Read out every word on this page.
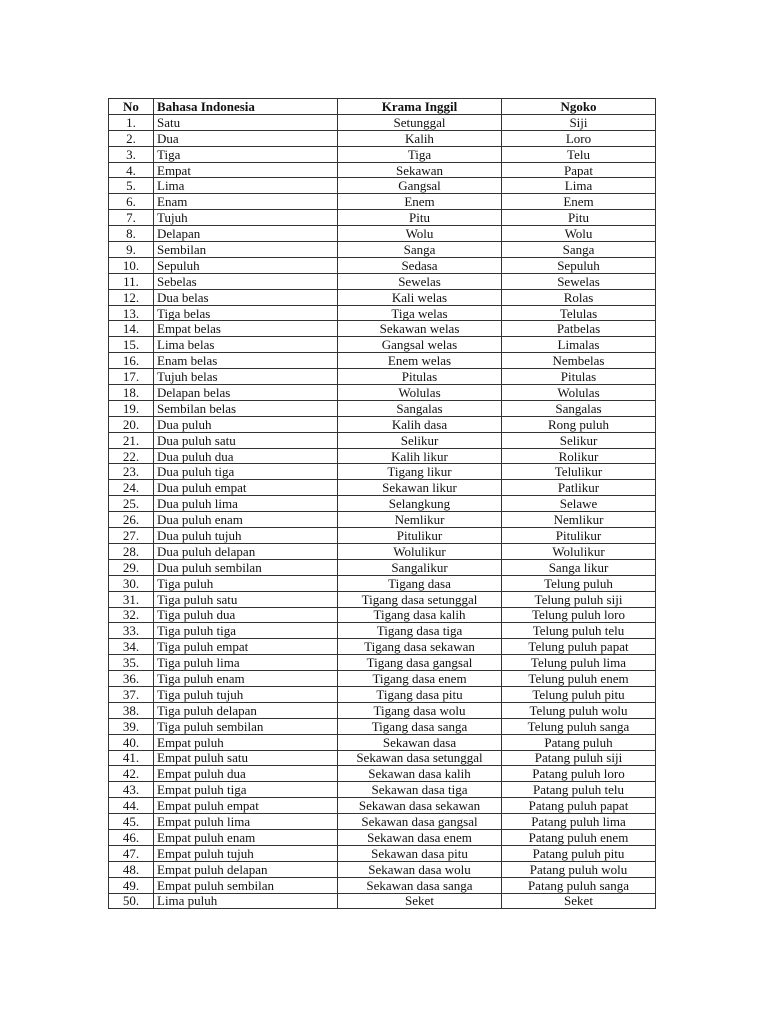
No	Bahasa Indonesia	Krama Inggil	Ngoko
1.	Satu	Setunggal	Siji
2.	Dua	Kalih	Loro
3.	Tiga	Tiga	Telu
4.	Empat	Sekawan	Papat
5.	Lima	Gangsal	Lima
6.	Enam	Enem	Enem
7.	Tujuh	Pitu	Pitu
8.	Delapan	Wolu	Wolu
9.	Sembilan	Sanga	Sanga
10.	Sepuluh	Sedasa	Sepuluh
11.	Sebelas	Sewelas	Sewelas
12.	Dua belas	Kali welas	Rolas
13.	Tiga belas	Tiga welas	Telulas
14.	Empat belas	Sekawan welas	Patbelas
15.	Lima belas	Gangsal welas	Limalas
16.	Enam belas	Enem welas	Nembelas
17.	Tujuh belas	Pitulas	Pitulas
18.	Delapan belas	Wolulas	Wolulas
19.	Sembilan belas	Sangalas	Sangalas
20.	Dua puluh	Kalih dasa	Rong puluh
21.	Dua puluh satu	Selikur	Selikur
22.	Dua puluh dua	Kalih likur	Rolikur
23.	Dua puluh tiga	Tigang likur	Telulikur
24.	Dua puluh empat	Sekawan likur	Patlikur
25.	Dua puluh lima	Selangkung	Selawe
26.	Dua puluh enam	Nemlikur	Nemlikur
27.	Dua puluh tujuh	Pitulikur	Pitulikur
28.	Dua puluh delapan	Wolulikur	Wolulikur
29.	Dua puluh sembilan	Sangalikur	Sanga likur
30.	Tiga puluh	Tigang dasa	Telung puluh
31.	Tiga puluh satu	Tigang dasa setunggal	Telung puluh siji
32.	Tiga puluh dua	Tigang dasa kalih	Telung puluh loro
33.	Tiga puluh tiga	Tigang dasa tiga	Telung puluh telu
34.	Tiga puluh empat	Tigang dasa sekawan	Telung puluh papat
35.	Tiga puluh lima	Tigang dasa gangsal	Telung puluh lima
36.	Tiga puluh enam	Tigang dasa enem	Telung puluh enem
37.	Tiga puluh tujuh	Tigang dasa pitu	Telung puluh pitu
38.	Tiga puluh delapan	Tigang dasa wolu	Telung puluh wolu
39.	Tiga puluh sembilan	Tigang dasa sanga	Telung puluh sanga
40.	Empat puluh	Sekawan dasa	Patang puluh
41.	Empat puluh satu	Sekawan dasa setunggal	Patang puluh siji
42.	Empat puluh dua	Sekawan dasa kalih	Patang puluh loro
43.	Empat puluh tiga	Sekawan dasa tiga	Patang puluh telu
44.	Empat puluh empat	Sekawan dasa sekawan	Patang puluh papat
45.	Empat puluh lima	Sekawan dasa gangsal	Patang puluh lima
46.	Empat puluh enam	Sekawan dasa enem	Patang puluh enem
47.	Empat puluh tujuh	Sekawan dasa pitu	Patang puluh pitu
48.	Empat puluh delapan	Sekawan dasa wolu	Patang puluh wolu
49.	Empat puluh sembilan	Sekawan dasa sanga	Patang puluh sanga
50.	Lima puluh	Seket	Seket
